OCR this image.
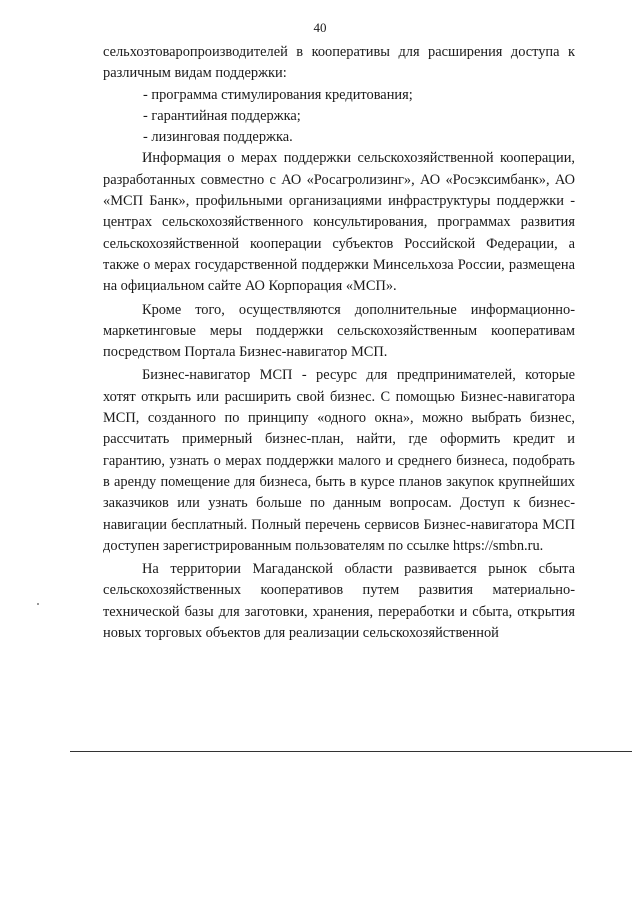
40

сельхозтоваропроизводителей в кооперативы для расширения доступа к различным видам поддержки:

- программа стимулирования кредитования;

- гарантийная поддержка;

- лизинговая поддержка.

Информация о мерах поддержки сельскохозяйственной кооперации, разработанных совместно с АО «Росагролизинг», АО «Росэксимбанк», АО «МСП Банк», профильными организациями инфраструктуры поддержки - центрах сельскохозяйственного консультирования, программах развития сельскохозяйственной кооперации субъектов Российской Федерации, а также о мерах государственной поддержки Минсельхоза России, размещена на официальном сайте АО Корпорация «МСП».

Кроме того, осуществляются дополнительные информационно-маркетинговые меры поддержки сельскохозяйственным кооперативам посредством Портала Бизнес-навигатор МСП.

Бизнес-навигатор МСП - ресурс для предпринимателей, которые хотят открыть или расширить свой бизнес. С помощью Бизнес-навигатора МСП, созданного по принципу «одного окна», можно выбрать бизнес, рассчитать примерный бизнес-план, найти, где оформить кредит и гарантию, узнать о мерах поддержки малого и среднего бизнеса, подобрать в аренду помещение для бизнеса, быть в курсе планов закупок крупнейших заказчиков или узнать больше по данным вопросам. Доступ к бизнес-навигации бесплатный. Полный перечень сервисов Бизнес-навигатора МСП доступен зарегистрированным пользователям по ссылке https://smbn.ru.

На территории Магаданской области развивается рынок сбыта сельскохозяйственных кооперативов путем развития материально-технической базы для заготовки, хранения, переработки и сбыта, открытия новых торговых объектов для реализации сельскохозяйственной
